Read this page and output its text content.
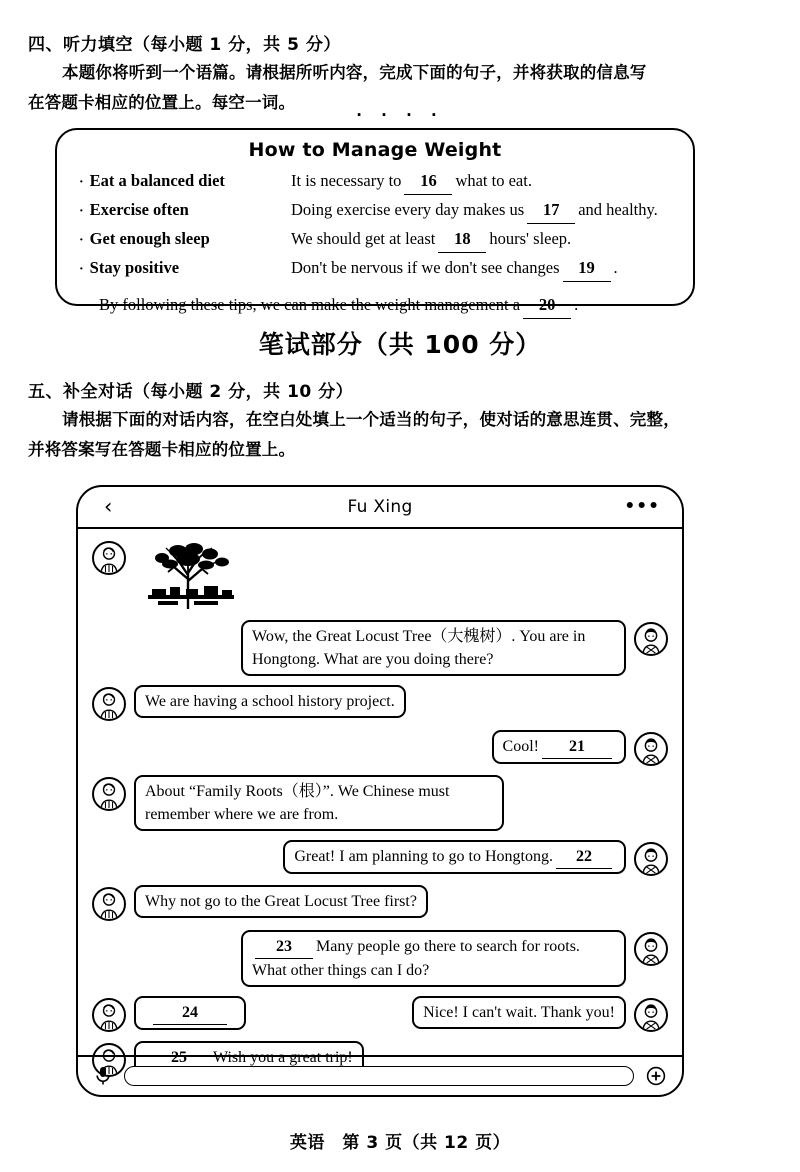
四、听力填空（每小题 1 分，共 5 分）
本题你将听到一个语篇。请根据所听内容，完成下面的句子，并将获取的信息写
在答题卡相应的位置上。每空一词。
· · · ·
How to Manage Weight
· Eat a balanced diet	It is necessary to 16 what to eat.
· Exercise often	Doing exercise every day makes us 17 and healthy.
· Get enough sleep	We should get at least 18 hours' sleep.
· Stay positive	Don't be nervous if we don't see changes 19 .
By following these tips, we can make the weight management a 20 .
笔试部分（共 100 分）
五、补全对话（每小题 2 分，共 10 分）
请根据下面的对话内容，在空白处填上一个适当的句子，使对话的意思连贯、完整，
并将答案写在答题卡相应的位置上。
‹	Fu Xing	•••
Wow, the Great Locust Tree（大槐树）. You are in Hongtong. What are you doing there?
We are having a school history project.
Cool! 21
About “Family Roots（根）”. We Chinese must remember where we are from.
Great! I am planning to go to Hongtong. 22
Why not go to the Great Locust Tree first?
23 Many people go there to search for roots. What other things can I do?
24	Nice! I can't wait. Thank you!
25 Wish you a great trip!
英语　第 3 页（共 12 页）
